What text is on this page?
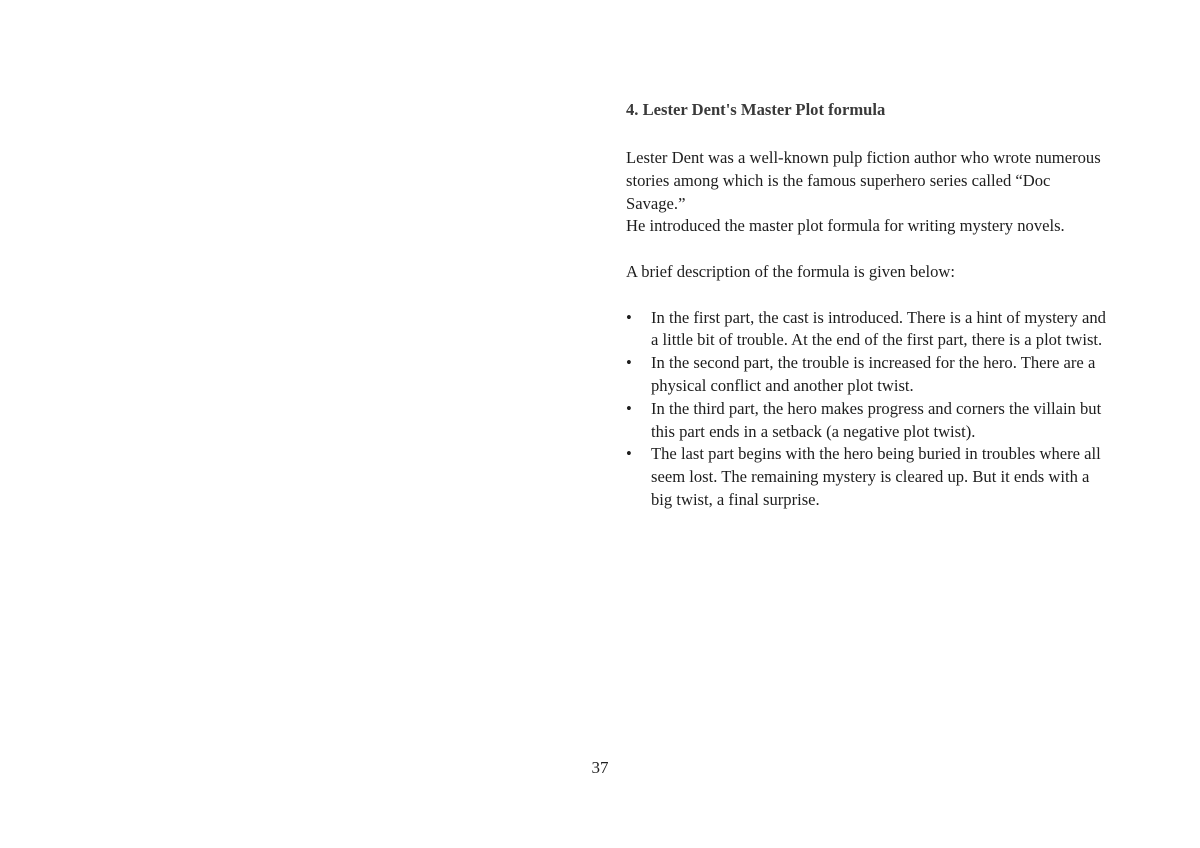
4. Lester Dent's Master Plot formula

Lester Dent was a well-known pulp fiction author who wrote numerous stories among which is the famous superhero series called “Doc Savage.”

He introduced the master plot formula for writing mystery novels.

A brief description of the formula is given below:

• In the first part, the cast is introduced. There is a hint of mystery and a little bit of trouble. At the end of the first part, there is a plot twist.
• In the second part, the trouble is increased for the hero. There are a physical conflict and another plot twist.
• In the third part, the hero makes progress and corners the villain but this part ends in a setback (a negative plot twist).
• The last part begins with the hero being buried in troubles where all seem lost. The remaining mystery is cleared up. But it ends with a big twist, a final surprise.
37
